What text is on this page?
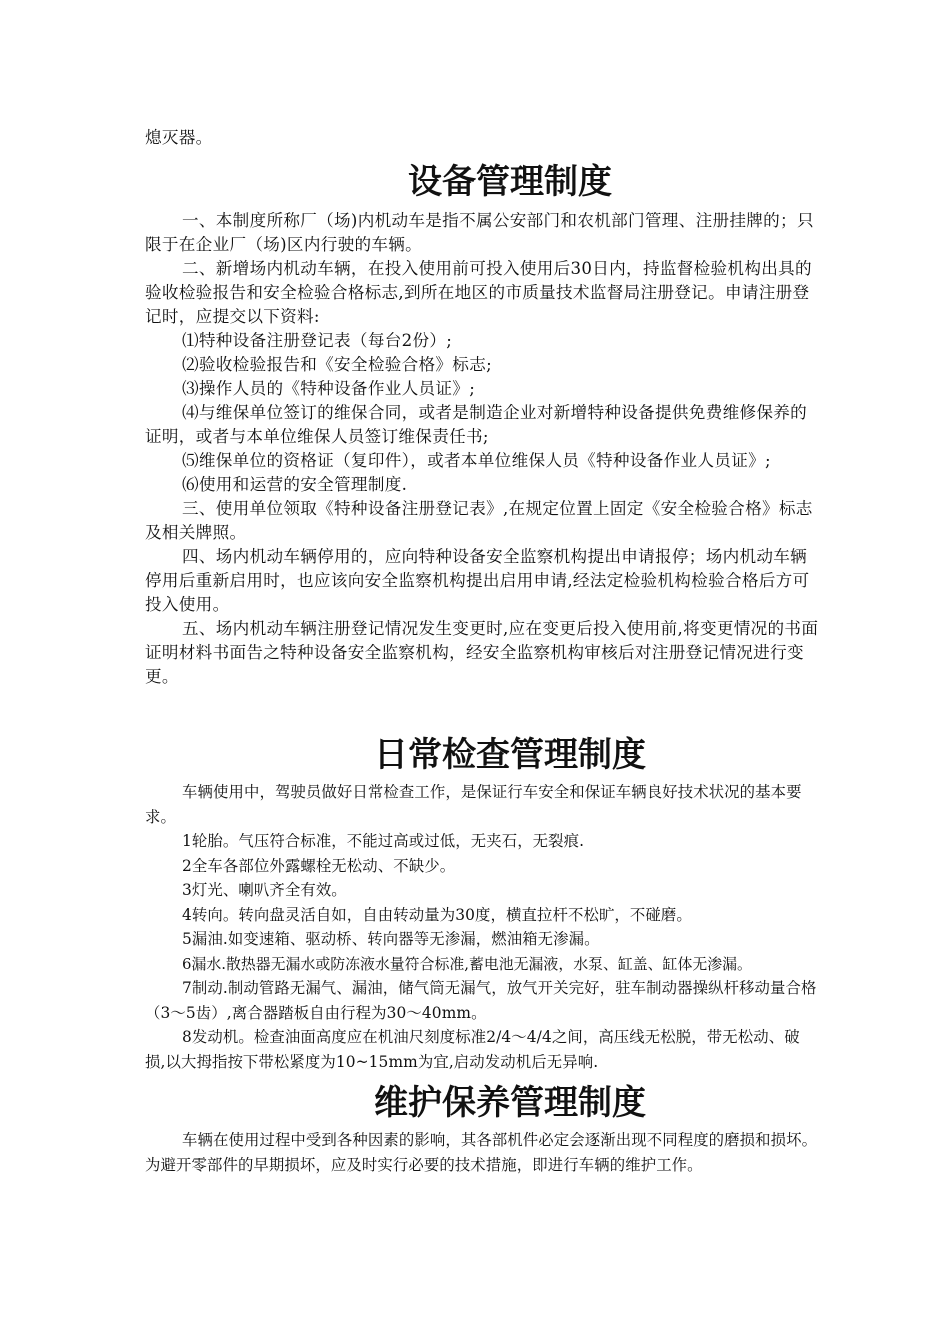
熄灭器。

设备管理制度

一、本制度所称厂（场)内机动车是指不属公安部门和农机部门管理、注册挂牌的；只限于在企业厂（场)区内行驶的车辆。

二、新增场内机动车辆，在投入使用前可投入使用后30日内，持监督检验机构出具的验收检验报告和安全检验合格标志,到所在地区的市质量技术监督局注册登记。申请注册登记时，应提交以下资料:

⑴特种设备注册登记表（每台2份）;

⑵验收检验报告和《安全检验合格》标志;

⑶操作人员的《特种设备作业人员证》;

⑷与维保单位签订的维保合同，或者是制造企业对新增特种设备提供免费维修保养的证明，或者与本单位维保人员签订维保责任书;

⑸维保单位的资格证（复印件），或者本单位维保人员《特种设备作业人员证》;

⑹使用和运营的安全管理制度.

三、使用单位领取《特种设备注册登记表》,在规定位置上固定《安全检验合格》标志及相关牌照。

四、场内机动车辆停用的，应向特种设备安全监察机构提出申请报停；场内机动车辆停用后重新启用时，也应该向安全监察机构提出启用申请,经法定检验机构检验合格后方可投入使用。

五、场内机动车辆注册登记情况发生变更时,应在变更后投入使用前,将变更情况的书面证明材料书面告之特种设备安全监察机构，经安全监察机构审核后对注册登记情况进行变更。

日常检查管理制度

车辆使用中，驾驶员做好日常检查工作，是保证行车安全和保证车辆良好技术状况的基本要求。

1轮胎。气压符合标准，不能过高或过低，无夹石，无裂痕.

2全车各部位外露螺栓无松动、不缺少。

3灯光、喇叭齐全有效。

4转向。转向盘灵活自如，自由转动量为30度，横直拉杆不松旷，不碰磨。

5漏油.如变速箱、驱动桥、转向器等无渗漏，燃油箱无渗漏。

6漏水.散热器无漏水或防冻液水量符合标准,蓄电池无漏液，水泵、缸盖、缸体无渗漏。

7制动.制动管路无漏气、漏油，储气筒无漏气，放气开关完好，驻车制动器操纵杆移动量合格（3～5齿）,离合器踏板自由行程为30～40mm。

8发动机。检查油面高度应在机油尺刻度标准2/4～4/4之间，高压线无松脱，带无松动、破损,以大拇指按下带松紧度为10~15mm为宜,启动发动机后无异响.

维护保养管理制度

车辆在使用过程中受到各种因素的影响，其各部机件必定会逐渐出现不同程度的磨损和损坏。为避开零部件的早期损坏，应及时实行必要的技术措施，即进行车辆的维护工作。
